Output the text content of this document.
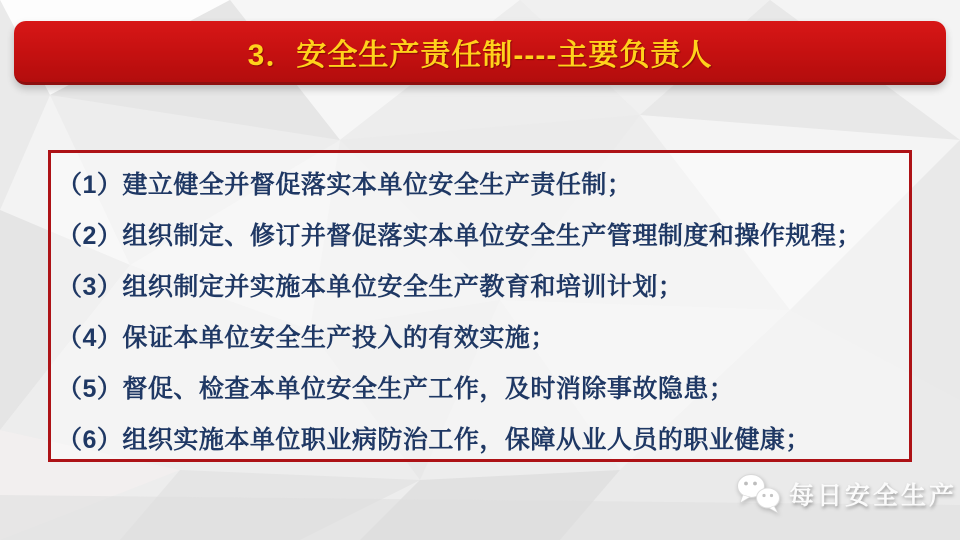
3．安全生产责任制----主要负责人
（1）建立健全并督促落实本单位安全生产责任制；
（2）组织制定、修订并督促落实本单位安全生产管理制度和操作规程；
（3）组织制定并实施本单位安全生产教育和培训计划；
（4）保证本单位安全生产投入的有效实施；
（5）督促、检查本单位安全生产工作，及时消除事故隐患；
（6）组织实施本单位职业病防治工作，保障从业人员的职业健康；
每日安全生产
